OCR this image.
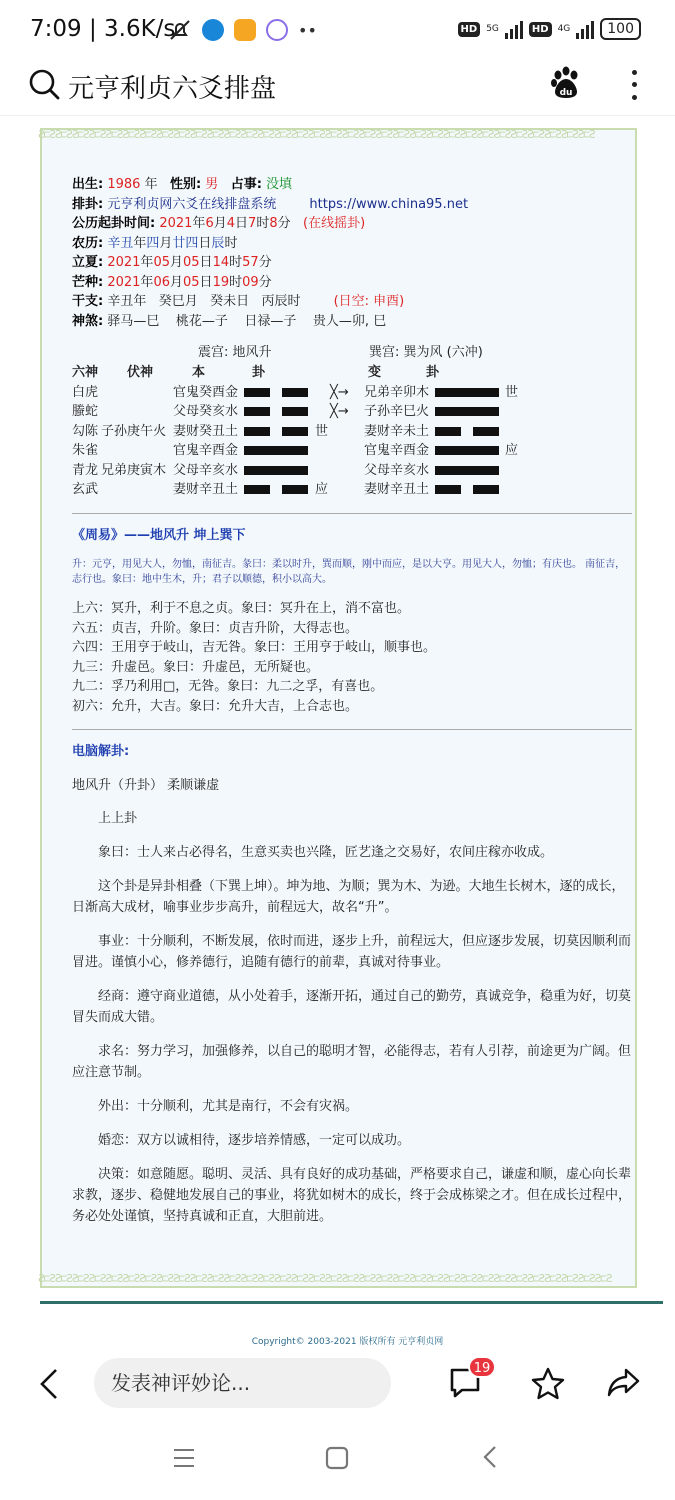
7:09 | 3.6K/s	••	HD	5G	HD	4G	100
元亨利贞六爻排盘	du
Ƨ⊏ƧƧ⊏ƧƧ⊏ƧƧ⊏ƧƧ⊏ƧƧ⊏ƧƧ⊏ƧƧ⊏ƧƧ⊏ƧƧ⊏ƧƧ⊏ƧƧ⊏ƧƧ⊏ƧƧ⊏ƧƧ⊏ƧƧ⊏ƧƧ⊏ƧƧ⊏ƧƧ⊏ƧƧ⊏ƧƧ⊏ƧƧ⊏ƧƧ⊏ƧƧ⊏ƧƧ⊏ƧƧ⊏ƧƧ⊏ƧƧ⊏ƧƧ⊏ƧƧ⊏ƧƧ⊏ƧƧ⊏ƧƧ⊏Ƨ
Ƨ⊏ƧƧ⊏ƧƧ⊏ƧƧ⊏ƧƧ⊏ƧƧ⊏ƧƧ⊏ƧƧ⊏ƧƧ⊏ƧƧ⊏ƧƧ⊏ƧƧ⊏ƧƧ⊏ƧƧ⊏ƧƧ⊏ƧƧ⊏ƧƧ⊏ƧƧ⊏ƧƧ⊏ƧƧ⊏ƧƧ⊏ƧƧ⊏ƧƧ⊏ƧƧ⊏ƧƧ⊏ƧƧ⊏ƧƧ⊏ƧƧ⊏ƧƧ⊏ƧƧ⊏ƧƧ⊏ƧƧ⊏ƧƧ⊏ƧƧ⊏Ƨ
出生: 1986 年   性别: 男 占事: 没填
排卦: 元亨利贞网六爻在线排盘系统        https://www.china95.net
公历起卦时间: 2021年6月4日7时8分   (在线摇卦)
农历: 辛丑年四月廿四日辰时
立夏: 2021年05月05日14时57分
芒种: 2021年06月05日19时09分
干支: 辛丑年   癸巳月   癸未日   丙辰时        (日空: 申酉)
神煞: 驿马—巳    桃花—子    日禄—子    贵人—卯, 巳
震宫: 地风升	巽宫: 巽为风 (六冲)
六神 伏神	本	卦	变	卦
白虎	官鬼癸酉金	╳→ 兄弟辛卯木	世
螣蛇	父母癸亥水	╳→ 子孙辛巳火
勾陈 子孙庚午火 妻财癸丑土	世	妻财辛未土
朱雀	官鬼辛酉金	官鬼辛酉金	应
青龙 兄弟庚寅木 父母辛亥水	父母辛亥水
玄武	妻财辛丑土	应	妻财辛丑土
《周易》——地风升 坤上巽下
升：元亨，用见大人，勿恤，南征吉。彖曰：柔以时升，巽而顺，刚中而应，是以大亨。用见大人，勿恤；有庆也。 南征吉，志行也。象曰：地中生木，升；君子以顺德，积小以高大。
上六：冥升，利于不息之贞。象曰：冥升在上，消不富也。
六五：贞吉，升阶。象曰：贞吉升阶，大得志也。
六四：王用亨于岐山，吉无咎。象曰：王用亨于岐山，顺事也。
九三：升虚邑。象曰：升虚邑，无所疑也。
九二：孚乃利用□，无咎。象曰：九二之孚，有喜也。
初六：允升，大吉。象曰：允升大吉，上合志也。
电脑解卦:
地风升（升卦） 柔顺谦虚
上上卦
象曰：士人来占必得名，生意买卖也兴隆，匠艺逢之交易好，农间庄稼亦收成。
这个卦是异卦相叠（下巽上坤）。坤为地、为顺；巽为木、为逊。大地生长树木，逐的成长，日渐高大成材，喻事业步步高升，前程远大，故名“升”。
事业：十分顺利，不断发展，依时而进，逐步上升，前程远大，但应逐步发展，切莫因顺利而冒进。谨慎小心，修养德行，追随有德行的前辈，真诚对待事业。
经商：遵守商业道德，从小处着手，逐渐开拓，通过自己的勤劳，真诚竞争，稳重为好，切莫冒失而成大错。
求名：努力学习，加强修养，以自己的聪明才智，必能得志，若有人引荐，前途更为广阔。但应注意节制。
外出：十分顺利，尤其是南行，不会有灾祸。
婚恋：双方以诚相待，逐步培养情感，一定可以成功。
决策：如意随愿。聪明、灵活、具有良好的成功基础，严格要求自己，谦虚和顺，虚心向长辈求教，逐步、稳健地发展自己的事业，将犹如树木的成长，终于会成栋梁之才。但在成长过程中，务必处处谨慎，坚持真诚和正直，大胆前进。
Copyright© 2003-2021 版权所有 元亨利贞网
发表神评妙论...
19
